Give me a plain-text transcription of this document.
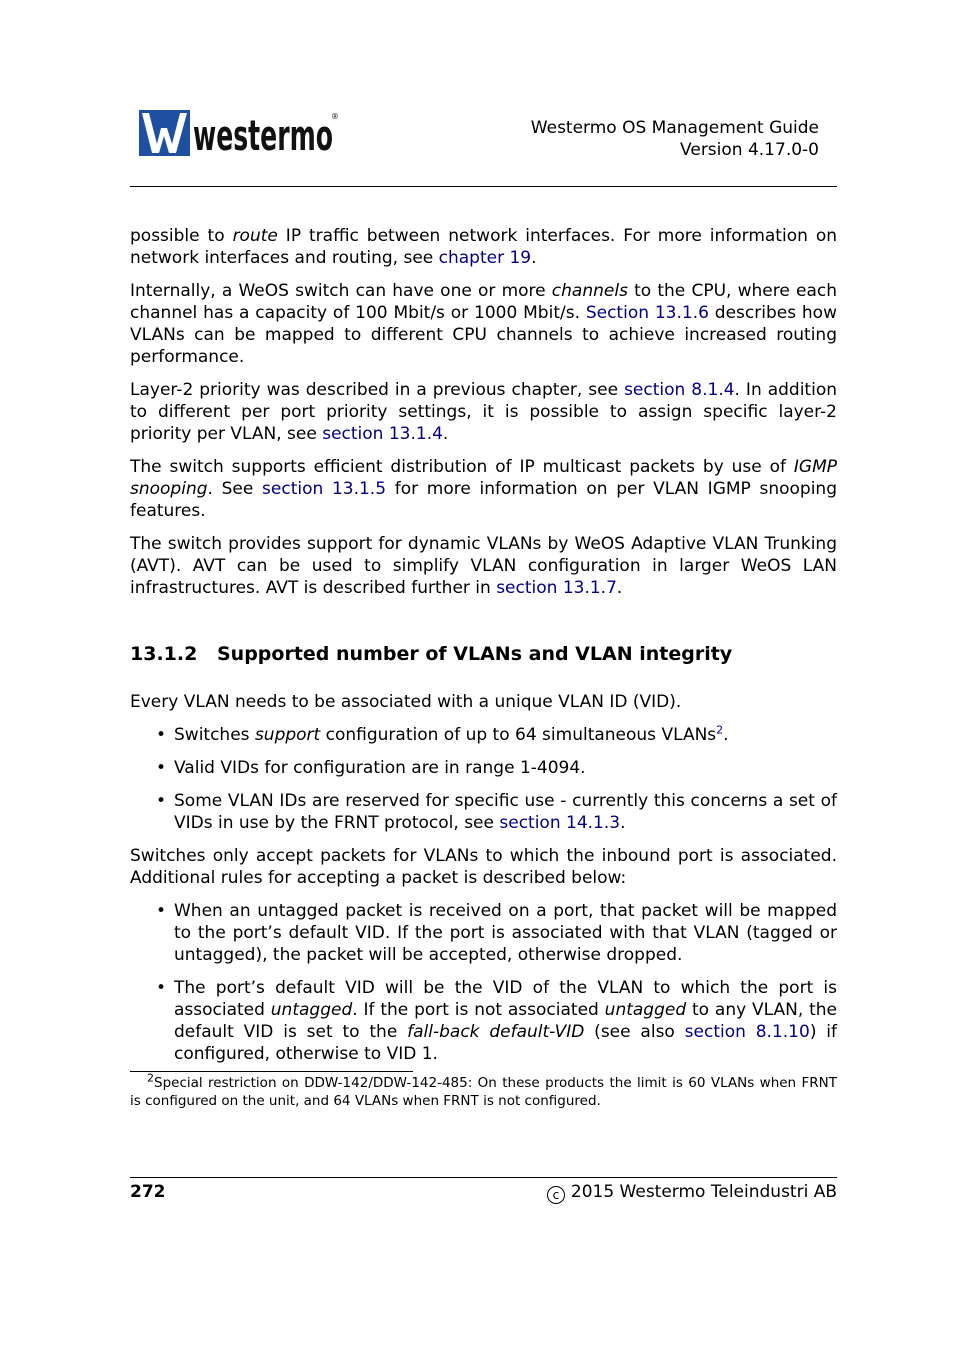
westermo
®
Westermo OS Management Guide
Version 4.17.0-0

possible to route IP traffic between network interfaces. For more information on network interfaces and routing, see chapter 19.

Internally, a WeOS switch can have one or more channels to the CPU, where each channel has a capacity of 100 Mbit/s or 1000 Mbit/s. Section 13.1.6 describes how VLANs can be mapped to different CPU channels to achieve increased routing performance.

Layer-2 priority was described in a previous chapter, see section 8.1.4. In addition to different per port priority settings, it is possible to assign specific layer-2 priority per VLAN, see section 13.1.4.

The switch supports efficient distribution of IP multicast packets by use of IGMP snooping. See section 13.1.5 for more information on per VLAN IGMP snooping features.

The switch provides support for dynamic VLANs by WeOS Adaptive VLAN Trunking (AVT). AVT can be used to simplify VLAN configuration in larger WeOS LAN infrastructures. AVT is described further in section 13.1.7.

13.1.2 Supported number of VLANs and VLAN integrity

Every VLAN needs to be associated with a unique VLAN ID (VID).

• Switches support configuration of up to 64 simultaneous VLANs$^2$.
• Valid VIDs for configuration are in range 1-4094.
• Some VLAN IDs are reserved for specific use - currently this concerns a set of VIDs in use by the FRNT protocol, see section 14.1.3.

Switches only accept packets for VLANs to which the inbound port is associated. Additional rules for accepting a packet is described below:

• When an untagged packet is received on a port, that packet will be mapped to the port’s default VID. If the port is associated with that VLAN (tagged or untagged), the packet will be accepted, otherwise dropped.
• The port’s default VID will be the VID of the VLAN to which the port is associated untagged. If the port is not associated untagged to any VLAN, the default VID is set to the fall-back default-VID (see also section 8.1.10) if configured, otherwise to VID 1.
$^2$Special restriction on DDW-142/DDW-142-485: On these products the limit is 60 VLANs when FRNT is configured on the unit, and 64 VLANs when FRNT is not configured.
272	c 2015 Westermo Teleindustri AB
